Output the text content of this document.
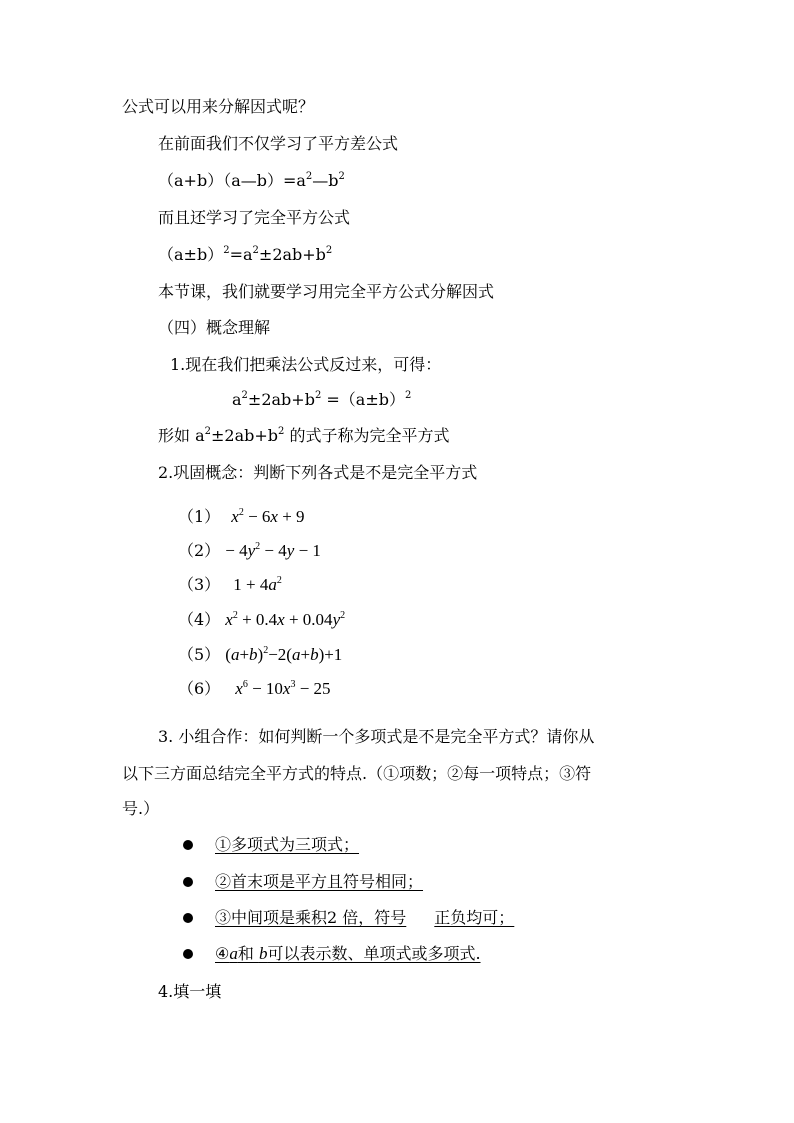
公式可以用来分解因式呢？
在前面我们不仅学习了平方差公式
$(a+b)(a—b)=a^2—b^2$
而且还学习了完全平方公式
$(a\pm b)^2=a^2\pm 2ab+b^2$
本节课，我们就要学习用完全平方公式分解因式
（四）概念理解
1.现在我们把乘法公式反过来，可得：
$a^2\pm 2ab+b^2 =(a\pm b)^2$
形如 $a^2\pm 2ab+b^2$ 的式子称为完全平方式
2.巩固概念：判断下列各式是不是完全平方式
（1） $x^2 - 6x + 9$
$(2) - 4y^2 - 4y - 1$
（3） $1 + 4a^2$
（4） $x^2 + 0.4x + 0.04y^2$
（5） $(a+b)^2-2(a+b)+1$
（6） $x^6 - 10x^3 - 25$
3. 小组合作：如何判断一个多项式是不是完全平方式？请你从
以下三方面总结完全平方式的特点.（①项数；②每一项特点；③符
号.）
①多项式为三项式；
②首末项是平方且符号相同；
③中间项是乘积2 倍，符号 正负均可；
④a和 b可以表示数、单项式或多项式.
4.填一填
